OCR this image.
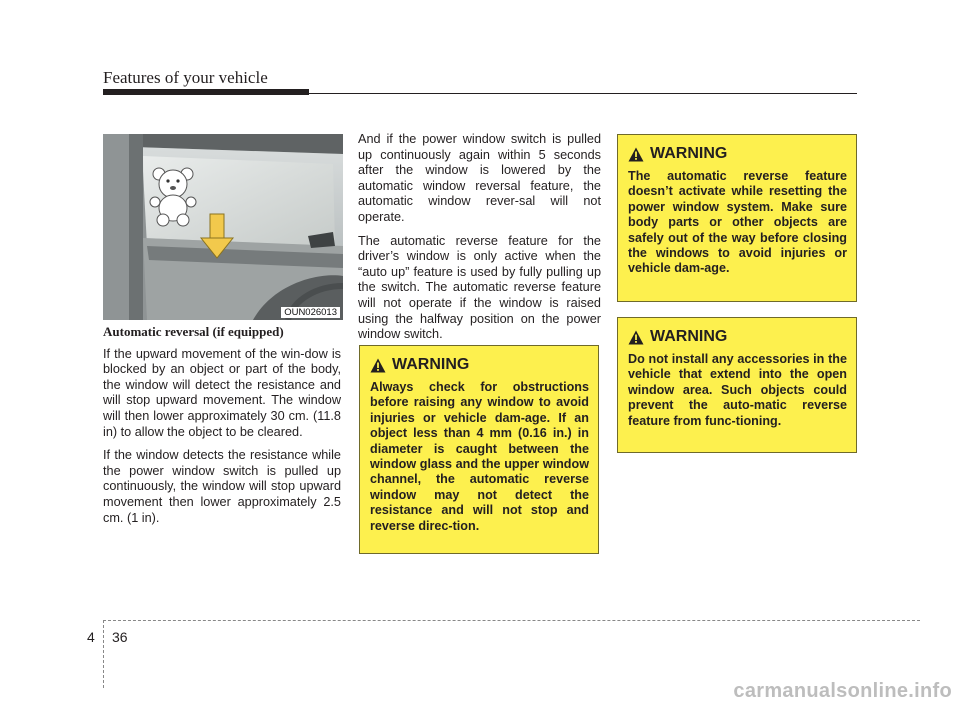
Features of your vehicle
OUN026013

Automatic reversal (if equipped)

If the upward movement of the win-dow is blocked by an object or part of the body, the window will detect the resistance and will stop upward movement. The window will then lower approximately 30 cm. (11.8 in) to allow the object to be cleared.

If the window detects the resistance while the power window switch is pulled up continuously, the window will stop upward movement then lower approximately 2.5 cm. (1 in).

And if the power window switch is pulled up continuously again within 5 seconds after the window is lowered by the automatic window reversal feature, the automatic window rever-sal will not operate.

The automatic reverse feature for the driver’s window is only active when the “auto up” feature is used by fully pulling up the switch. The automatic reverse feature will not operate if the window is raised using the halfway position on the power window switch.

WARNING
Always check for obstructions before raising any window to avoid injuries or vehicle dam-age. If an object less than 4 mm (0.16 in.) in diameter is caught between the window glass and the upper window channel, the automatic reverse window may not detect the resistance and will not stop and reverse direc-tion.
WARNING
The automatic reverse feature doesn’t activate while resetting the power window system. Make sure body parts or other objects are safely out of the way before closing the windows to avoid injuries or vehicle dam-age.
WARNING
Do not install any accessories in the vehicle that extend into the open window area. Such objects could prevent the auto-matic reverse feature from func-tioning.
4 36
carmanualsonline.info
